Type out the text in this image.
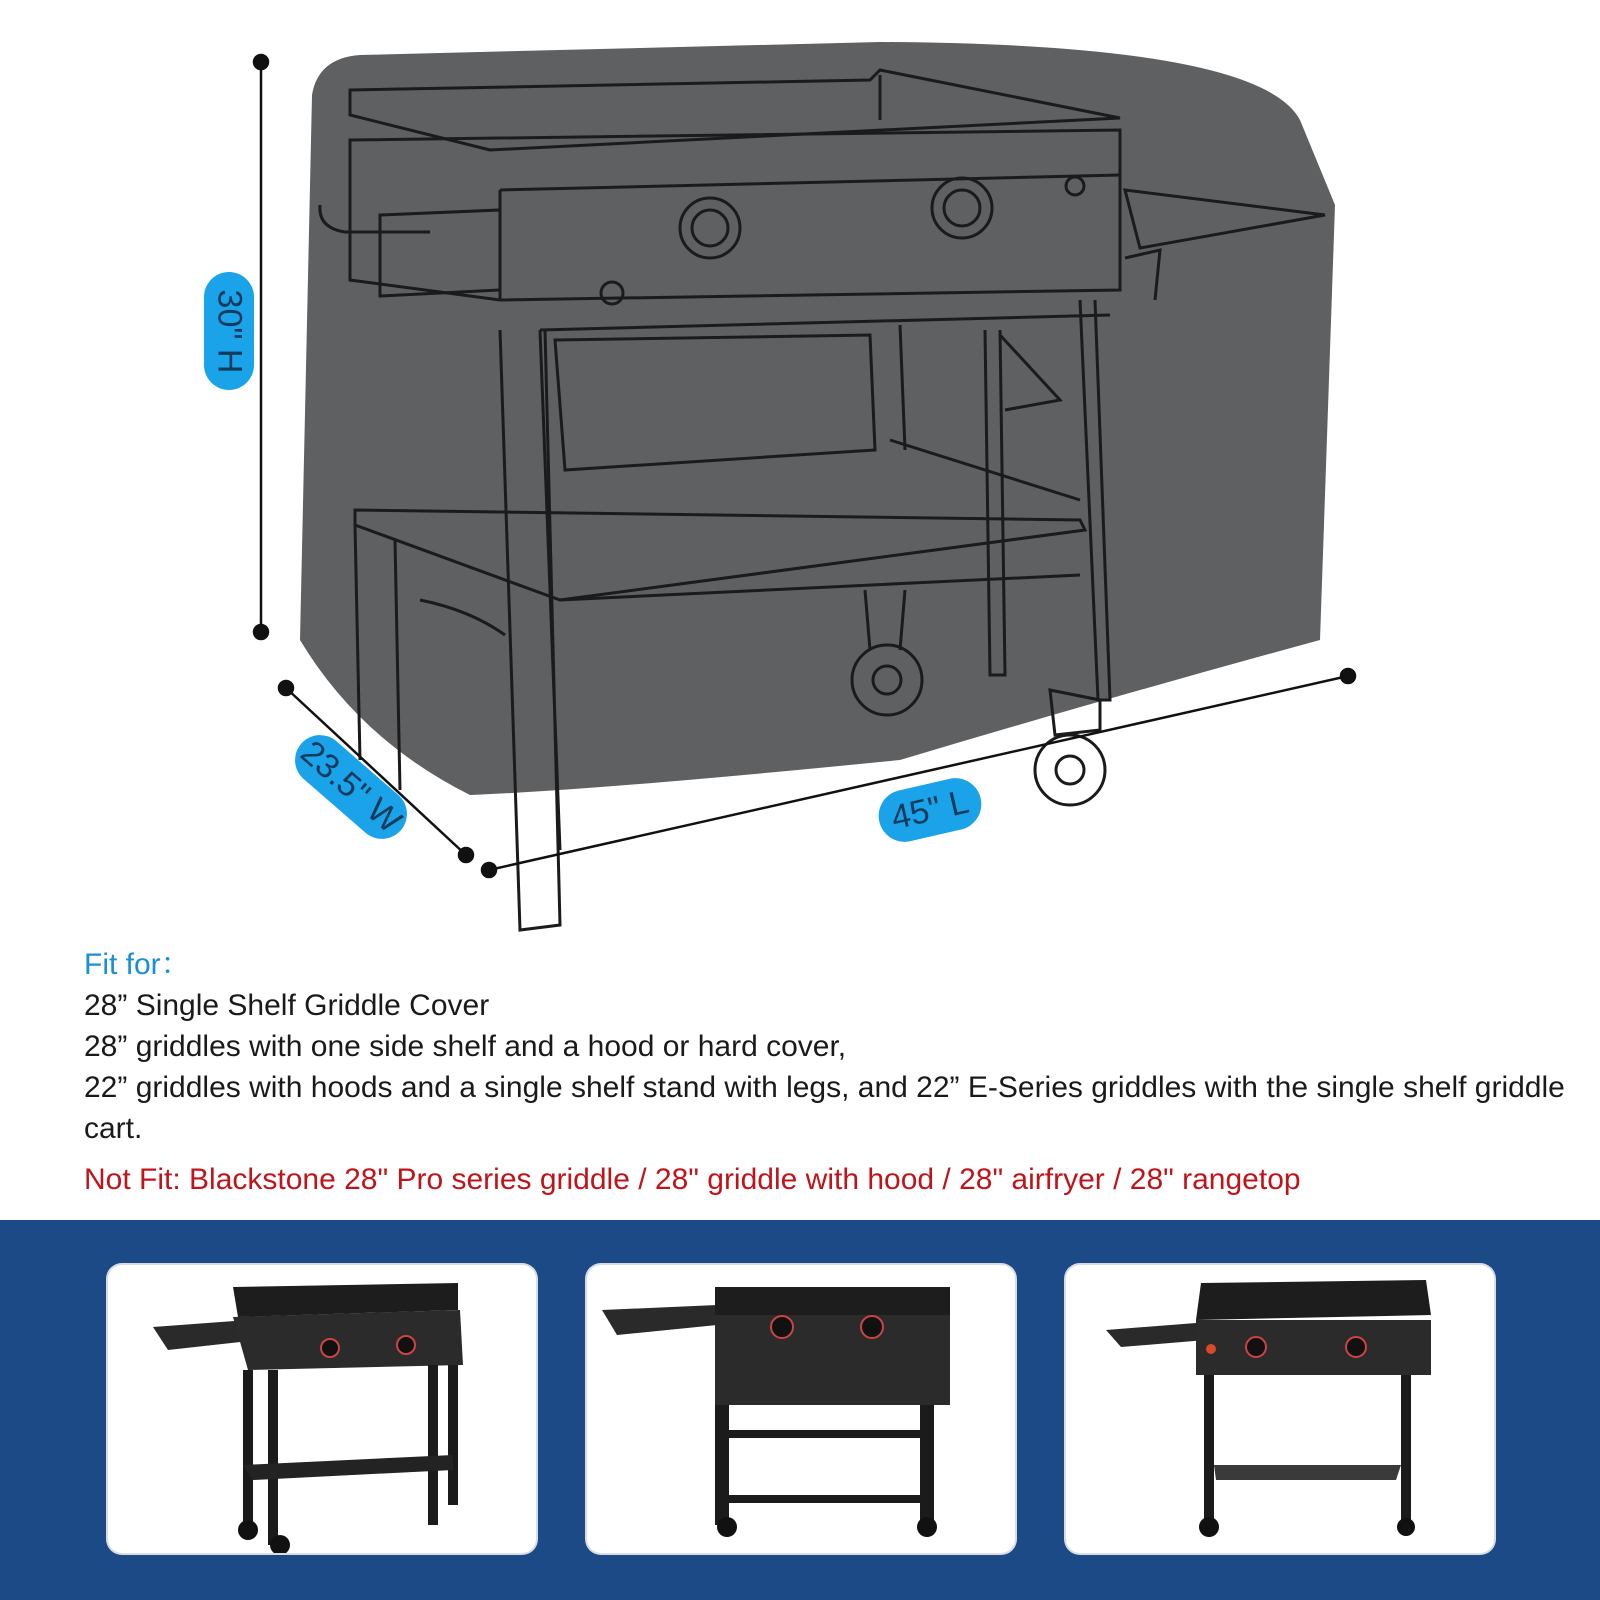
30" H
23.5" W	45" L
Fit for：
28” Single Shelf Griddle Cover
28” griddles with one side shelf and a hood or hard cover,
22” griddles with hoods and a single shelf stand with legs, and 22” E-Series griddles with the single shelf griddle cart.
Not Fit: Blackstone 28" Pro series griddle / 28" griddle with hood / 28" airfryer / 28" rangetop
